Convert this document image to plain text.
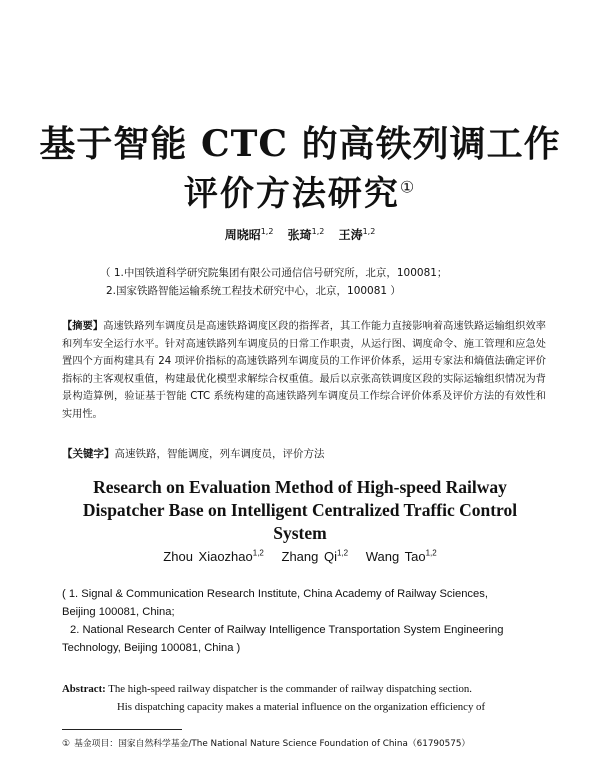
基于智能 CTC 的高铁列调工作
评价方法研究①
周晓昭$^{1,2}$ 张琦$^{1,2}$ 王涛$^{1,2}$
（ 1.中国铁道科学研究院集团有限公司通信信号研究所，北京，100081；
2.国家铁路智能运输系统工程技术研究中心，北京，100081 ）
【摘要】高速铁路列车调度员是高速铁路调度区段的指挥者，其工作能力直接影响着高速铁路运输组织效率和列车安全运行水平。针对高速铁路列车调度员的日常工作职责，从运行图、调度命令、施工管理和应急处置四个方面构建具有 24 项评价指标的高速铁路列车调度员的工作评价体系，运用专家法和熵值法确定评价指标的主客观权重值，构建最优化模型求解综合权重值。最后以京张高铁调度区段的实际运输组织情况为背景构造算例，验证基于智能 CTC 系统构建的高速铁路列车调度员工作综合评价体系及评价方法的有效性和实用性。
【关键字】高速铁路，智能调度，列车调度员，评价方法
Research on Evaluation Method of High-speed Railway
Dispatcher Base on Intelligent Centralized Traffic Control
System
Zhou Xiaozhao$^{1,2}$ Zhang Qi$^{1,2}$ Wang Tao$^{1,2}$
( 1. Signal & Communication Research Institute, China Academy of Railway Sciences,
Beijing 100081, China;
2. National Research Center of Railway Intelligence Transportation System Engineering
Technology, Beijing 100081, China )
Abstract: The high-speed railway dispatcher is the commander of railway dispatching section.
His dispatching capacity makes a material influence on the organization efficiency of
① 基金项目：国家自然科学基金/The National Nature Science Foundation of China（61790575）
